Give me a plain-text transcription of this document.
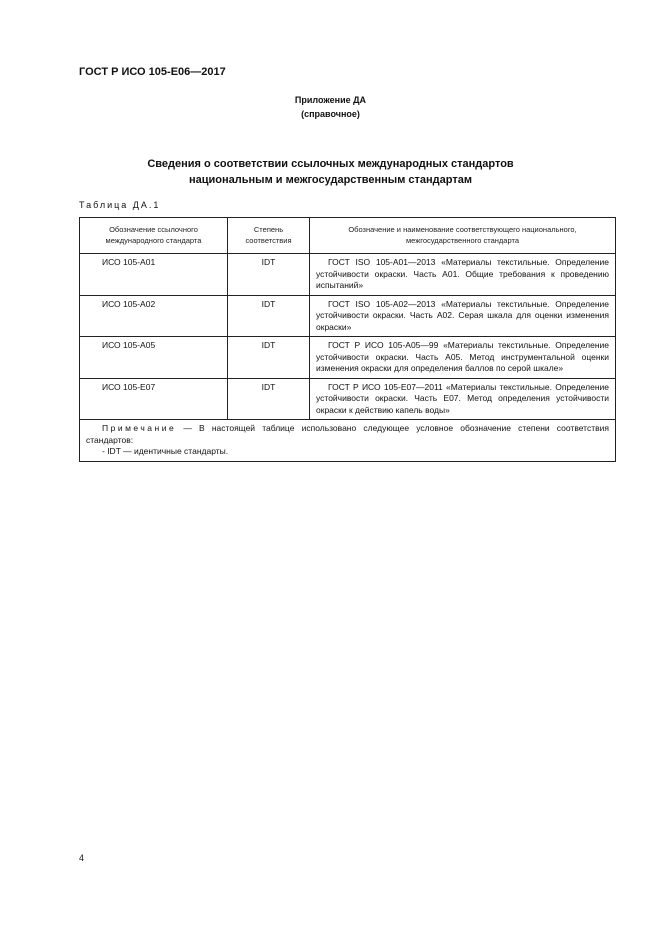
ГОСТ Р ИСО 105-Е06—2017
Приложение ДА
(справочное)
Сведения о соответствии ссылочных международных стандартов
национальным и межгосударственным стандартам
Таблица ДА.1
Обозначение ссылочного международного стандарта	Степень соответствия	Обозначение и наименование соответствующего национального, межгосударственного стандарта
ИСО 105-А01	IDT	ГОСТ ISO 105-A01—2013 «Материалы текстильные. Определение устойчивости окраски. Часть A01. Общие требования к проведению испытаний»
ИСО 105-А02	IDT	ГОСТ ISO 105-A02—2013 «Материалы текстильные. Определение устойчивости окраски. Часть A02. Серая шкала для оценки изменения окраски»
ИСО 105-А05	IDT	ГОСТ Р ИСО 105-А05—99 «Материалы текстильные. Определение устойчивости окраски. Часть А05. Метод инструментальной оценки изменения окраски для определения баллов по серой шкале»
ИСО 105-Е07	IDT	ГОСТ Р ИСО 105-Е07—2011 «Материалы текстильные. Определение устойчивости окраски. Часть Е07. Метод определения устойчивости окраски к действию капель воды»
Примечание — В настоящей таблице использовано следующее условное обозначение степени соответствия стандартов:
- IDT — идентичные стандарты.		
4
